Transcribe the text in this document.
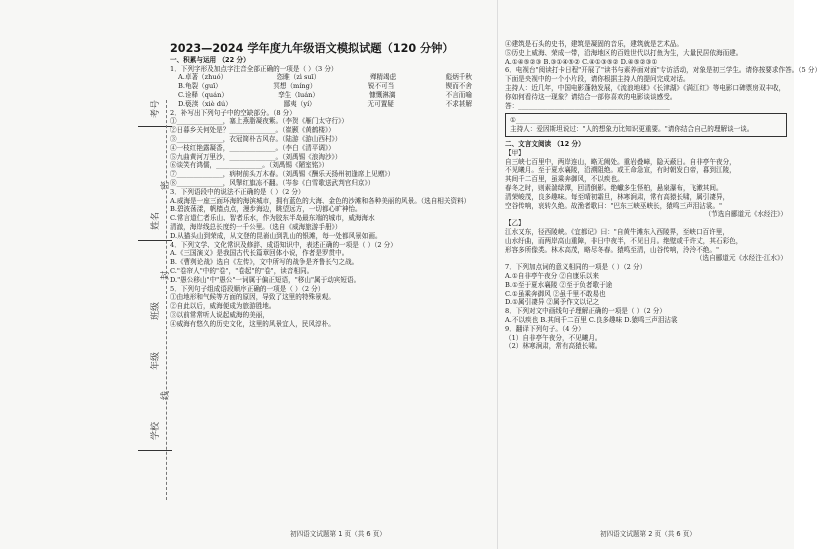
考号
密
姓名
封
班级
年级
线
学校
2023—2024 学年度九年级语文模拟试题（120 分钟）

一、积累与运用 （22 分）

1．下列字形及加点字注音全部正确的一项是（ ）（3 分）

A.卓著（zhuó）	恣睢（zì suī）	殚精竭虑	彪炳千秋
B.龟裂（guī）	冥想（míng）	锐不可当	锲而不舍
C.诠释（quán）	孪生（luán）	慷慨淋漓	不言而喻
D.亵渎（xiè dú）	鄙夷（yí）	无可置疑	不求甚解

2．补写出下列句子中的空缺部分。（8 分）

①______________，塞上燕脂凝夜紫。（李贺《雁门太守行》）

②日暮乡关何处是？______________。（崔颢《黄鹤楼》）

③______________，衣冠简朴古风存。（陆游《游山西村》）

④一枝红艳露凝香，______________。（李白《清平调》）

⑤九曲黄河万里沙，______________。（刘禹锡《浪淘沙》）

⑥谈笑有鸿儒，______________。（刘禹锡《陋室铭》）

⑦______________，病树前头万木春。（刘禹锡《酬乐天扬州初逢席上见赠》）

⑧______________，风掣红旗冻不翻。（岑参《白雪歌送武判官归京》）

3．下列语段中的说法不正确的是（ ）（2 分）

A.威海是一座三面环海的海滨城市，拥有蓝色的大海、金色的沙滩和各种美丽的风景。（选自相关资料）

B.碧波荡漾，帆樯点点，漫步海边，眺望远方，一切都心旷神怡。

C.常言道仁者乐山、智者乐水，作为胶东半岛最东端的城市，威海海水

清澈，海岸线总长度约一千公里。（选自《威海旅游手册》）

D.从猫头山到荣成，从文登的昆嵛山到乳山的银滩，每一处都风景如画。

4．下列文学、文化常识及修辞、成语知识中，表述正确的一项是（ ）（2 分）

A.《三国演义》是我国古代长篇章回体小说，作者是罗贯中。

B.《曹刿论战》选自《左传》，文中所写的战争是齐鲁长勺之战。

C."卷帘人"中的"卷"，"卷起"的"卷"，读音相同。

D."愚公移山"中"愚公"一词属于偏正短语，"移山"属于动宾短语。

5．下列句子组成语段顺序正确的一项是（ ）（2 分）

①由地形和气候等方面的原因，导致了这里的特殊景观。

②自此以后，威海便成为旅游胜地。

③以前常常听人说起威海的美丽，

④威海有悠久的历史文化，这里的风景宜人，民风淳朴。

初四语文试题第 1 页（共 6 页）

④建筑是石头的史书，建筑是凝固的音乐，建筑就是艺术品。

⑤历史上威海、荣成一带，沿海地区的百姓世代以打鱼为生，大量民居依海而建。

A.①④⑤②③ B.③①④⑤② C.④①③⑤② D.④⑤②③①

6．电视台"阅读打卡日程"开展了"读书与素养面对面"专访活动，对象是初三学生。请你按要求作答。（5 分）

下面是央视中的一个小片段，请你根据主持人的提问完成对话。

主持人：近几年，中国电影蓬勃发展，《流浪地球》《长津湖》《满江红》等电影口碑票房双丰收，

你如何看待这一现象？请结合一部你喜欢的电影谈谈感受。

答：______________________________________________

①________________________________

主持人：爱因斯坦说过："人的想象力比知识更重要。"请你结合自己的理解谈一谈。

二、文言文阅读 （12 分）

【甲】

自三峡七百里中，两岸连山，略无阙处。重岩叠嶂，隐天蔽日。自非亭午夜分，

不见曦月。至于夏水襄陵，沿溯阻绝。或王命急宣，有时朝发白帝，暮到江陵，

其间千二百里，虽乘奔御风，不以疾也。

春冬之时，则素湍绿潭，回清倒影。绝巘多生怪柏，悬泉瀑布，飞漱其间。

清荣峻茂，良多趣味。每至晴初霜旦，林寒涧肃，常有高猿长啸，属引凄异，

空谷传响，哀转久绝。故渔者歌曰："巴东三峡巫峡长，猿鸣三声泪沾裳。"

（节选自郦道元《水经注》）

【乙】

江水又东，径西陵峡。《宜都记》曰："自黄牛滩东入西陵界，至峡口百许里，

山水纡曲，而两岸高山重障，非日中夜半，不见日月。绝壁或千许丈，其石彩色，

形容多所像类。林木高茂，略尽冬春。猿鸣至清，山谷传响，泠泠不绝。"

（选自郦道元《水经注·江水》）

7．下列加点词的意义相同的一项是（ ）（2 分）

A.①自非亭午夜分 ②自康乐以来

B.①至于夏水襄陵 ②至于负者歌于途

C.①虽乘奔御风 ②虽千里不敢易也

D.①属引凄异 ②属予作文以记之

8．下列对文中画线句子理解正确的一项是（ ）（2 分）

A.不以疾也 B.其间千二百里 C.良多趣味 D.猿鸣三声泪沾裳

9．翻译下列句子。（4 分）

（1）自非亭午夜分，不见曦月。

（2）林寒涧肃，常有高猿长啸。

初四语文试题第 2 页（共 6 页）
